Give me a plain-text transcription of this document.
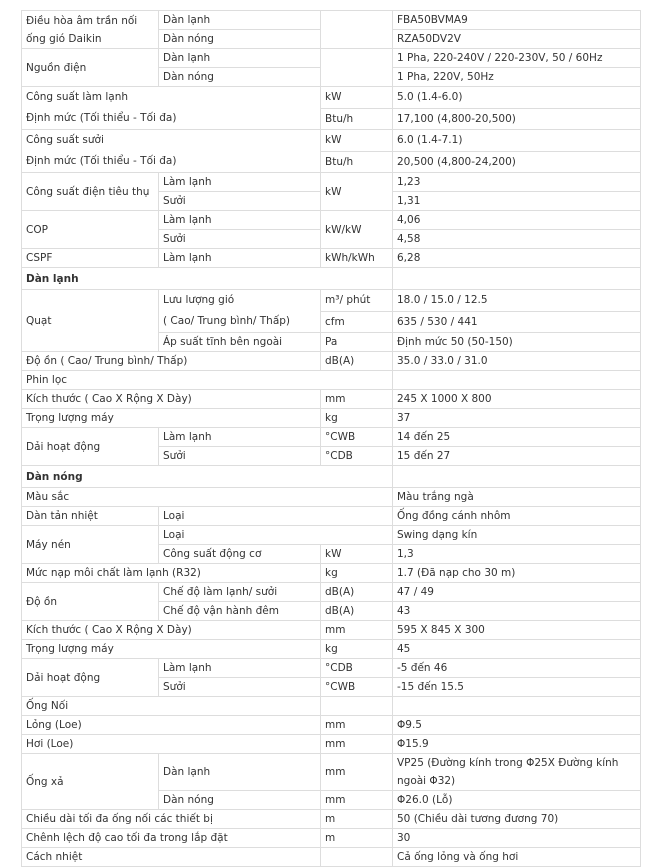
Điều hòa âm trần nối ống gió Daikin	Dàn lạnh		FBA50BVMA9
	Dàn nóng		RZA50DV2V
Nguồn điện	Dàn lạnh		1 Pha, 220-240V / 220-230V, 50 / 60Hz
	Dàn nóng		1 Pha, 220V, 50Hz
Công suất làm lạnh
Định mức (Tối thiểu - Tối đa)		kW	5.0 (1.4-6.0)
		Btu/h	17,100 (4,800-20,500)
Công suất sưởi
Định mức (Tối thiểu - Tối đa)		kW	6.0 (1.4-7.1)
		Btu/h	20,500 (4,800-24,200)
Công suất điện tiêu thụ	Làm lạnh	kW	1,23
	Sưởi		1,31
COP	Làm lạnh	kW/kW	4,06
	Sưởi		4,58
CSPF	Làm lạnh	kWh/kWh	6,28
Dàn lạnh			
Quạt	Lưu lượng gió
( Cao/ Trung bình/ Thấp)	m³/ phút	18.0 / 15.0 / 12.5
		cfm	635 / 530 / 441
	Áp suất tĩnh bên ngoài	Pa	Định mức 50 (50-150)
Độ ồn ( Cao/ Trung bình/ Thấp)		dB(A)	35.0 / 33.0 / 31.0
Phin lọc			
Kích thước ( Cao X Rộng X Dày)		mm	245 X 1000 X 800
Trọng lượng máy		kg	37
Dải hoạt động	Làm lạnh	°CWB	14 đến 25
	Sưởi	°CDB	15 đến 27
Dàn nóng			
Màu sắc			Màu trắng ngà
Dàn tản nhiệt	Loại		Ống đồng cánh nhôm
Máy nén	Loại		Swing dạng kín
	Công suất động cơ	kW	1,3
Mức nạp môi chất làm lạnh (R32)		kg	1.7 (Đã nạp cho 30 m)
Độ ồn	Chế độ làm lạnh/ sưởi	dB(A)	47 / 49
	Chế độ vận hành đêm	dB(A)	43
Kích thước ( Cao X Rộng X Dày)		mm	595 X 845 X 300
Trọng lượng máy		kg	45
Dải hoạt động	Làm lạnh	°CDB	-5 đến 46
	Sưởi	°CWB	-15 đến 15.5
Ống Nối			
Lỏng (Loe)		mm	Φ9.5
Hơi (Loe)		mm	Φ15.9
Ống xả	Dàn lạnh	mm	VP25 (Đường kính trong Φ25X Đường kính ngoài Φ32)
	Dàn nóng	mm	Φ26.0 (Lỗ)
Chiều dài tối đa ống nối các thiết bị		m	50 (Chiều dài tương đương 70)
Chênh lệch độ cao tối đa trong lắp đặt		m	30
Cách nhiệt			Cả ống lỏng và ống hơi
